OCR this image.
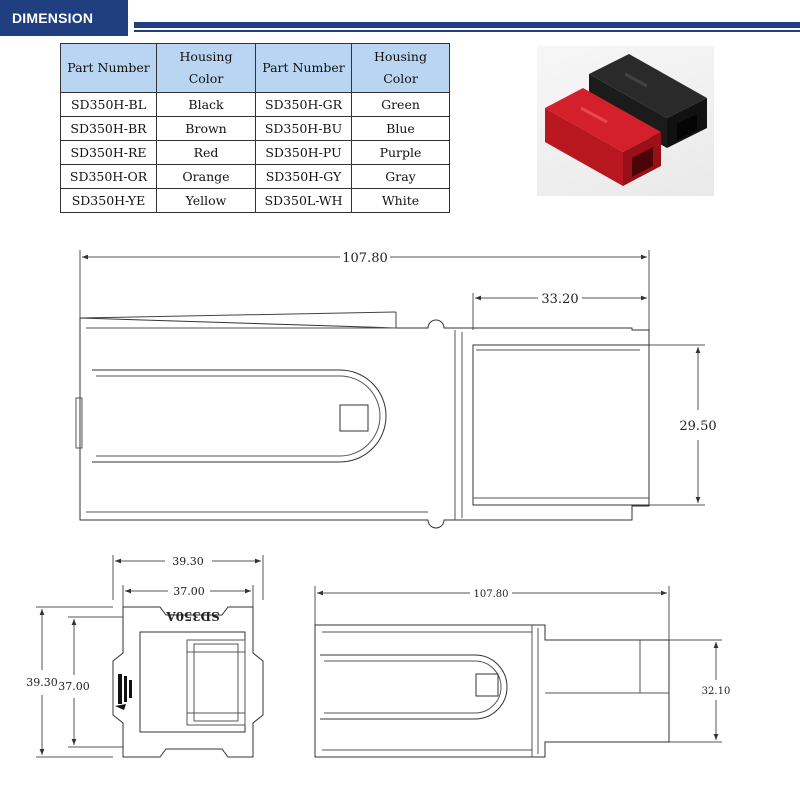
DIMENSION
Part Number	Housing Color	Part Number	Housing Color
SD350H-BL	Black	SD350H-GR	Green
SD350H-BR	Brown	SD350H-BU	Blue
SD350H-RE	Red	SD350H-PU	Purple
SD350H-OR	Orange	SD350H-GY	Gray
SD350H-YE	Yellow	SD350L-WH	White
107.80
33.20
29.50
39.30
37.00
39.30 37.00
SD350A
107.80
32.10
